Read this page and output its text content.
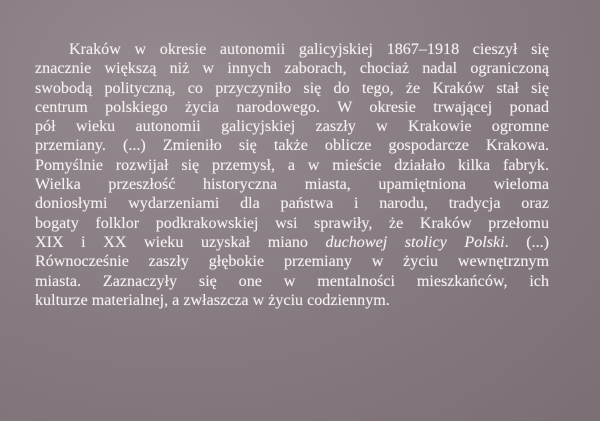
Kraków w okresie autonomii galicyjskiej 1867–1918 cieszył się
znacznie większą niż w innych zaborach, chociaż nadal ograniczoną
swobodą polityczną, co przyczyniło się do tego, że Kraków stał się
centrum polskiego życia narodowego. W okresie trwającej ponad
pół wieku autonomii galicyjskiej zaszły w Krakowie ogromne
przemiany. (...) Zmieniło się także oblicze gospodarcze Krakowa.
Pomyślnie rozwijał się przemysł, a w mieście działało kilka fabryk.
Wielka przeszłość historyczna miasta, upamiętniona wieloma
doniosłymi wydarzeniami dla państwa i narodu, tradycja oraz
bogaty folklor podkrakowskiej wsi sprawiły, że Kraków przełomu
XIX i XX wieku uzyskał miano duchowej stolicy Polski. (...)
Równocześnie zaszły głębokie przemiany w życiu wewnętrznym
miasta. Zaznaczyły się one w mentalności mieszkańców, ich
kulturze materialnej, a zwłaszcza w życiu codziennym.
